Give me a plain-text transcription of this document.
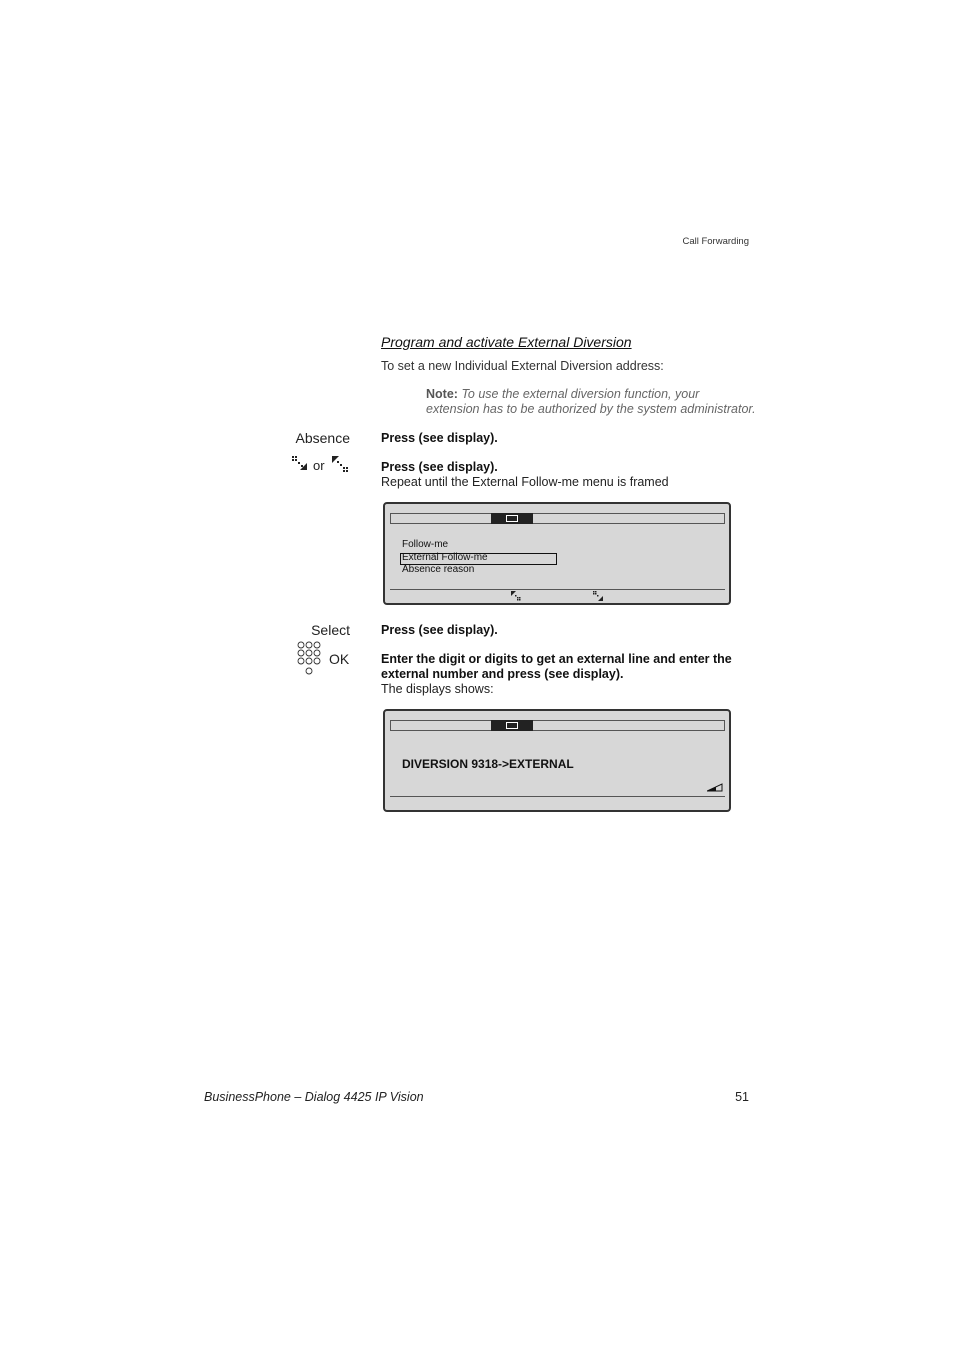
Call Forwarding
Program and activate External Diversion
To set a new Individual External Diversion address:
Note: To use the external diversion function, your extension has to be authorized by the system administrator.
Absence Press (see display).
or	Press (see display).
Repeat until the External Follow-me menu is framed
Follow-me
External Follow-me
Absence reason
Select Press (see display).
OK	Enter the digit or digits to get an external line and enter the external number and press (see display).
The displays shows:
DIVERSION 9318->EXTERNAL
BusinessPhone – Dialog 4425 IP Vision	51
